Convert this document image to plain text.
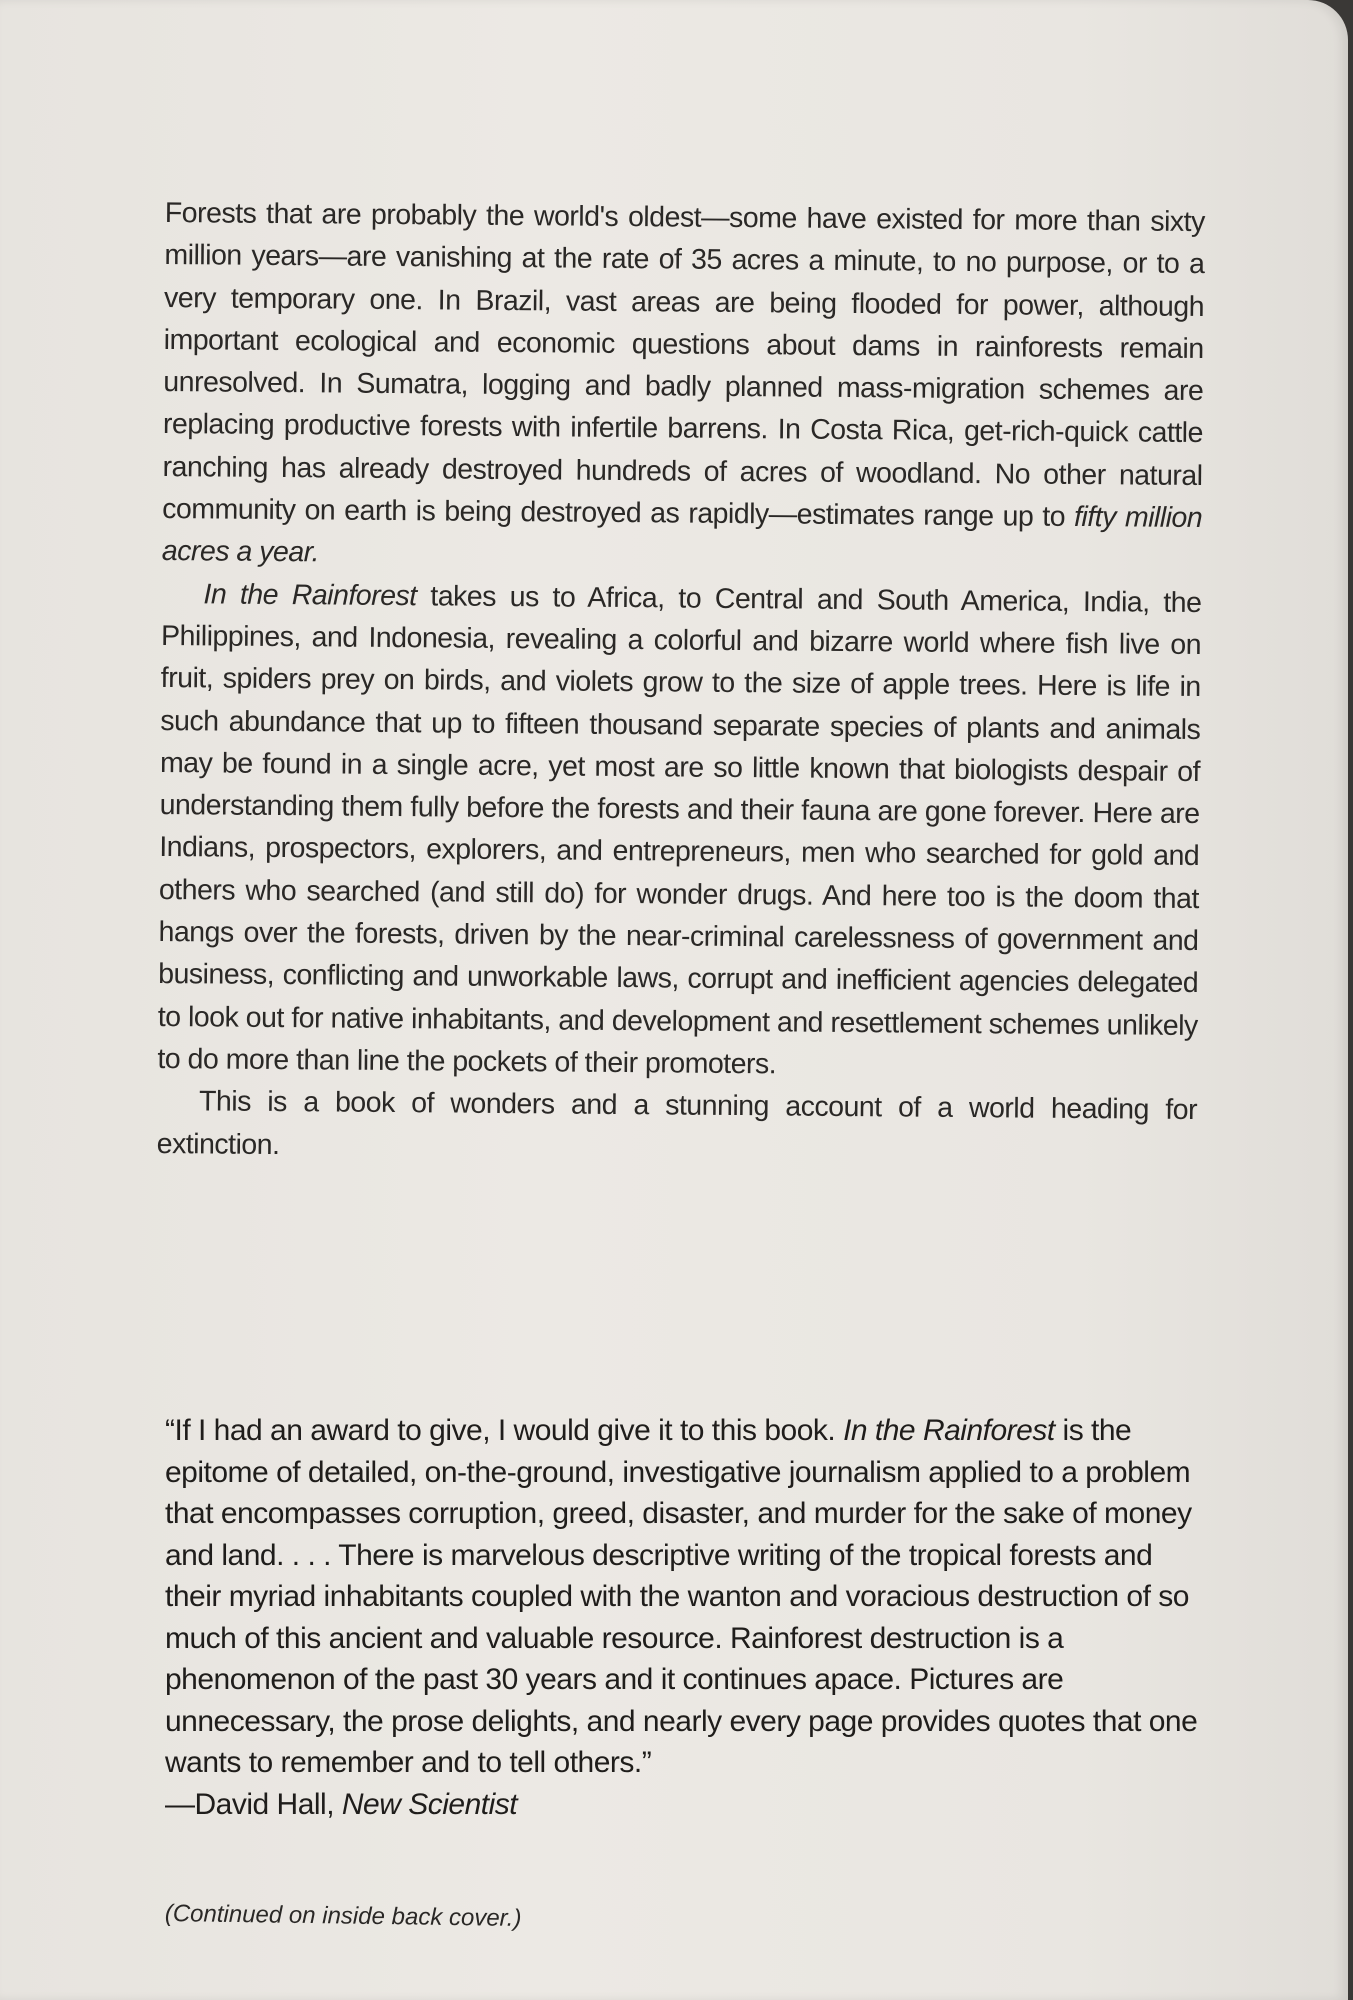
Forests that are probably the world's oldest—some have existed for more than sixty million years—are vanishing at the rate of 35 acres a minute, to no purpose, or to a very temporary one. In Brazil, vast areas are being flooded for power, although important ecological and economic questions about dams in rainforests remain unresolved. In Sumatra, logging and badly planned mass-migration schemes are replacing productive forests with infertile barrens. In Costa Rica, get-rich-quick cattle ranching has already destroyed hundreds of acres of woodland. No other natural community on earth is being destroyed as rapidly—estimates range up to fifty million acres a year.

In the Rainforest takes us to Africa, to Central and South America, India, the Philippines, and Indonesia, revealing a colorful and bizarre world where fish live on fruit, spiders prey on birds, and violets grow to the size of apple trees. Here is life in such abundance that up to fifteen thousand separate species of plants and animals may be found in a single acre, yet most are so little known that biologists despair of understanding them fully before the forests and their fauna are gone forever. Here are Indians, prospectors, explorers, and entrepreneurs, men who searched for gold and others who searched (and still do) for wonder drugs. And here too is the doom that hangs over the forests, driven by the near-criminal carelessness of government and business, conflicting and unworkable laws, corrupt and inefficient agencies delegated to look out for native inhabitants, and development and resettlement schemes unlikely to do more than line the pockets of their promoters.

This is a book of wonders and a stunning account of a world heading for extinction.

“If I had an award to give, I would give it to this book. In the Rainforest is the epitome of detailed, on-the-ground, investigative journalism applied to a problem that encompasses corruption, greed, disaster, and murder for the sake of money and land. . . . There is marvelous descriptive writing of the tropical forests and their myriad inhabitants coupled with the wanton and voracious destruction of so much of this ancient and valuable resource. Rainforest destruction is a phenomenon of the past 30 years and it continues apace. Pictures are unnecessary, the prose delights, and nearly every page provides quotes that one wants to remember and to tell others.”

—David Hall, New Scientist

(Continued on inside back cover.)
